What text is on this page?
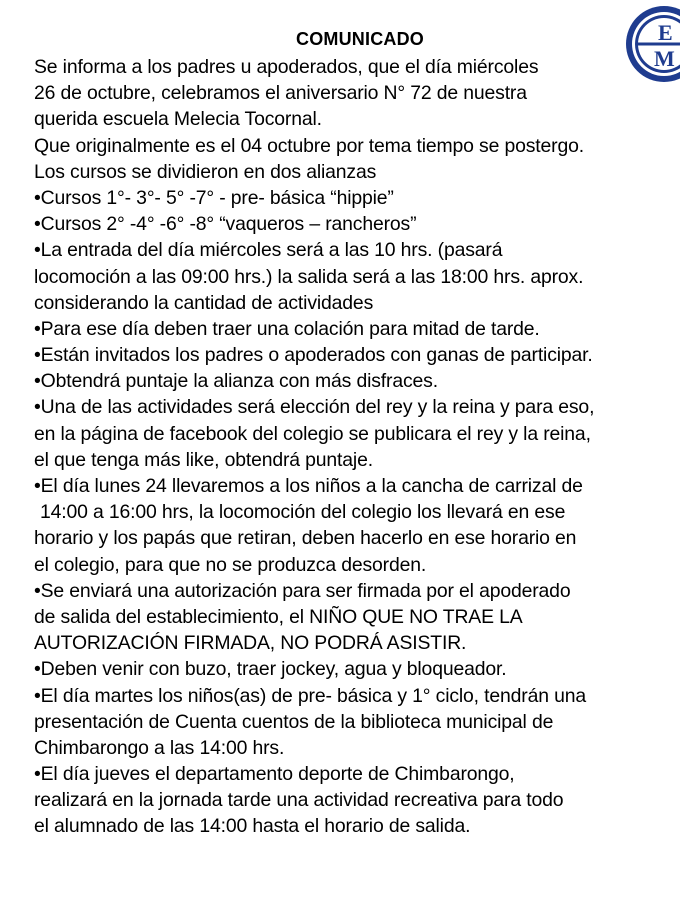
COMUNICADO	E
M
Se informa a los padres u apoderados, que el día miércoles
26 de octubre, celebramos el aniversario N° 72 de nuestra
querida escuela Melecia Tocornal.
Que originalmente es el 04 octubre por tema tiempo se postergo.
Los cursos se dividieron en dos alianzas
•Cursos 1°- 3°- 5° -7° - pre- básica “hippie”
•Cursos 2° -4° -6° -8° “vaqueros – rancheros”
•La entrada del día miércoles será a las 10 hrs. (pasará
locomoción a las 09:00 hrs.) la salida será a las 18:00 hrs. aprox.
considerando la cantidad de actividades
•Para ese día deben traer una colación para mitad de tarde.
•Están invitados los padres o apoderados con ganas de participar.
•Obtendrá puntaje la alianza con más disfraces.
•Una de las actividades será elección del rey y la reina y para eso,
en la página de facebook del colegio se publicara el rey y la reina,
el que tenga más like, obtendrá puntaje.
•El día lunes 24 llevaremos a los niños a la cancha de carrizal de
14:00 a 16:00 hrs, la locomoción del colegio los llevará en ese
horario y los papás que retiran, deben hacerlo en ese horario en
el colegio, para que no se produzca desorden.
•Se enviará una autorización para ser firmada por el apoderado
de salida del establecimiento, el NIÑO QUE NO TRAE LA
AUTORIZACIÓN FIRMADA, NO PODRÁ ASISTIR.
•Deben venir con buzo, traer jockey, agua y bloqueador.
•El día martes los niños(as) de pre- básica y 1° ciclo, tendrán una
presentación de Cuenta cuentos de la biblioteca municipal de
Chimbarongo a las 14:00 hrs.
•El día jueves el departamento deporte de Chimbarongo,
realizará en la jornada tarde una actividad recreativa para todo
el alumnado de las 14:00 hasta el horario de salida.
